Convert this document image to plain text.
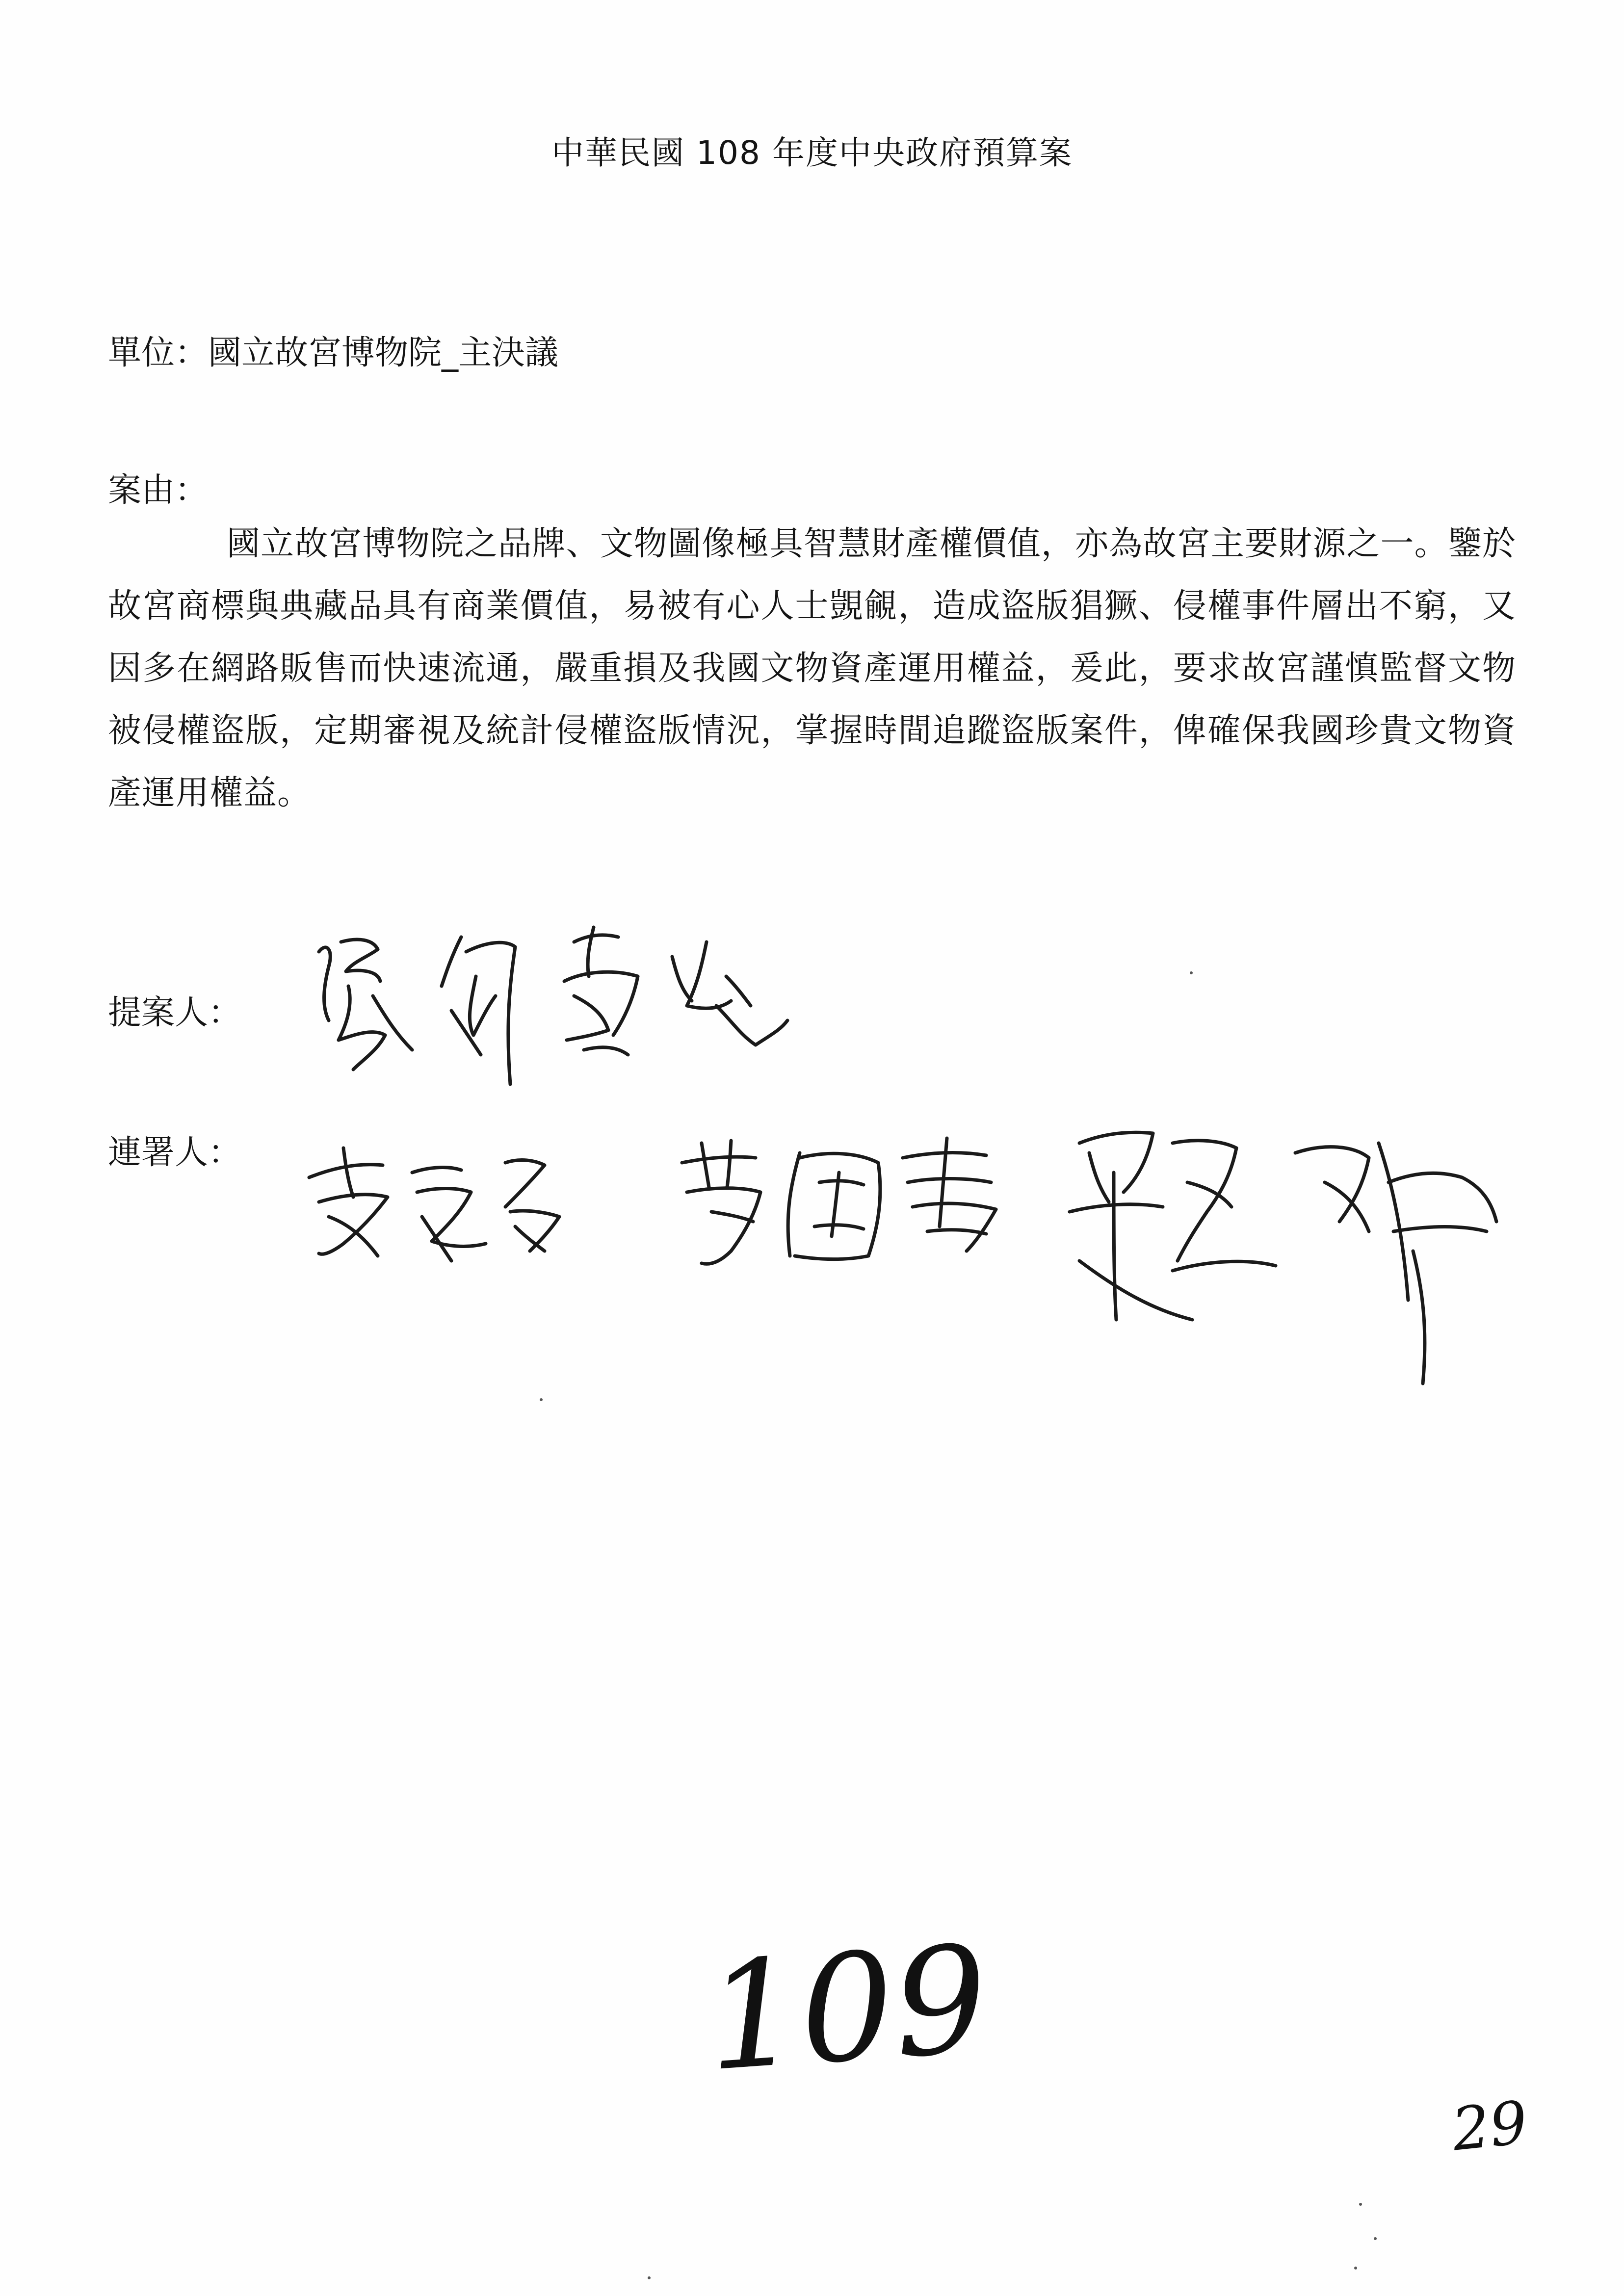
中華民國 108 年度中央政府預算案
單位：國立故宮博物院_主決議
案由：
國立故宮博物院之品牌、文物圖像極具智慧財產權價值，亦為故宮主要財源之一。鑒於故宮商標與典藏品具有商業價值，易被有心人士覬覦，造成盜版猖獗、侵權事件層出不窮，又因多在網路販售而快速流通，嚴重損及我國文物資產運用權益，爰此，要求故宮謹慎監督文物被侵權盜版，定期審視及統計侵權盜版情況，掌握時間追蹤盜版案件，俾確保我國珍貴文物資產運用權益。
提案人：
連署人：
109
29
